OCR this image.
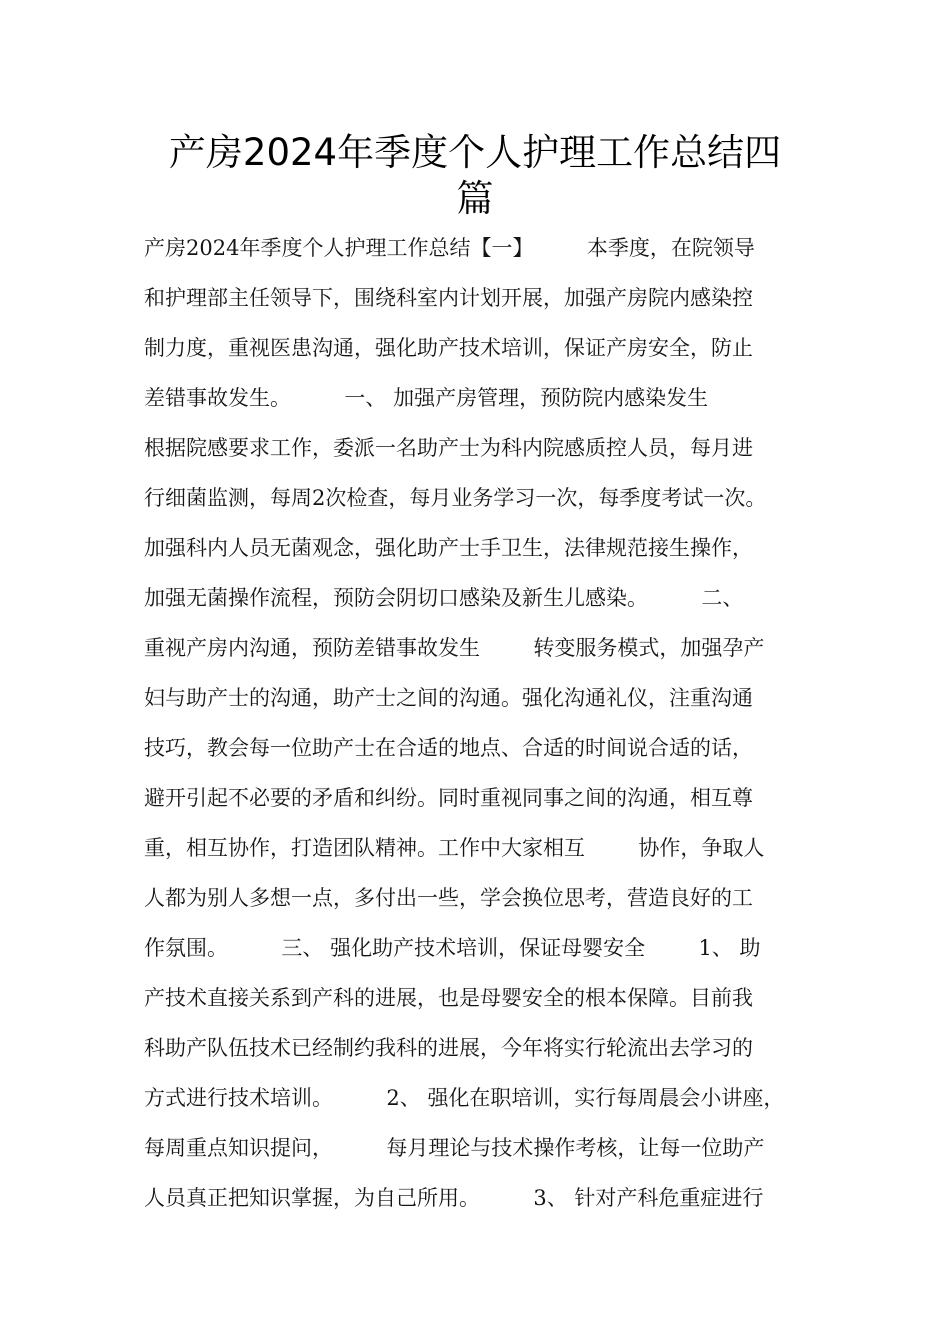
产房2024年季度个人护理工作总结四
篇
产房2024年季度个人护理工作总结【一】        本季度，在院领导
和护理部主任领导下，围绕科室内计划开展，加强产房院内感染控
制力度，重视医患沟通，强化助产技术培训，保证产房安全，防止
差错事故发生。        一、 加强产房管理，预防院内感染发生
根据院感要求工作，委派一名助产士为科内院感质控人员，每月进
行细菌监测，每周2次检查，每月业务学习一次，每季度考试一次。
加强科内人员无菌观念，强化助产士手卫生，法律规范接生操作，
加强无菌操作流程，预防会阴切口感染及新生儿感染。        二、
重视产房内沟通，预防差错事故发生        转变服务模式，加强孕产
妇与助产士的沟通，助产士之间的沟通。强化沟通礼仪，注重沟通
技巧，教会每一位助产士在合适的地点、合适的时间说合适的话，
避开引起不必要的矛盾和纠纷。同时重视同事之间的沟通，相互尊
重，相互协作，打造团队精神。工作中大家相互        协作，争取人
人都为别人多想一点，多付出一些，学会换位思考，营造良好的工
作氛围。        三、 强化助产技术培训，保证母婴安全        1、 助
产技术直接关系到产科的进展，也是母婴安全的根本保障。目前我
科助产队伍技术已经制约我科的进展，今年将实行轮流出去学习的
方式进行技术培训。        2、 强化在职培训，实行每周晨会小讲座，
每周重点知识提问，        每月理论与技术操作考核，让每一位助产
人员真正把知识掌握，为自己所用。        3、 针对产科危重症进行
